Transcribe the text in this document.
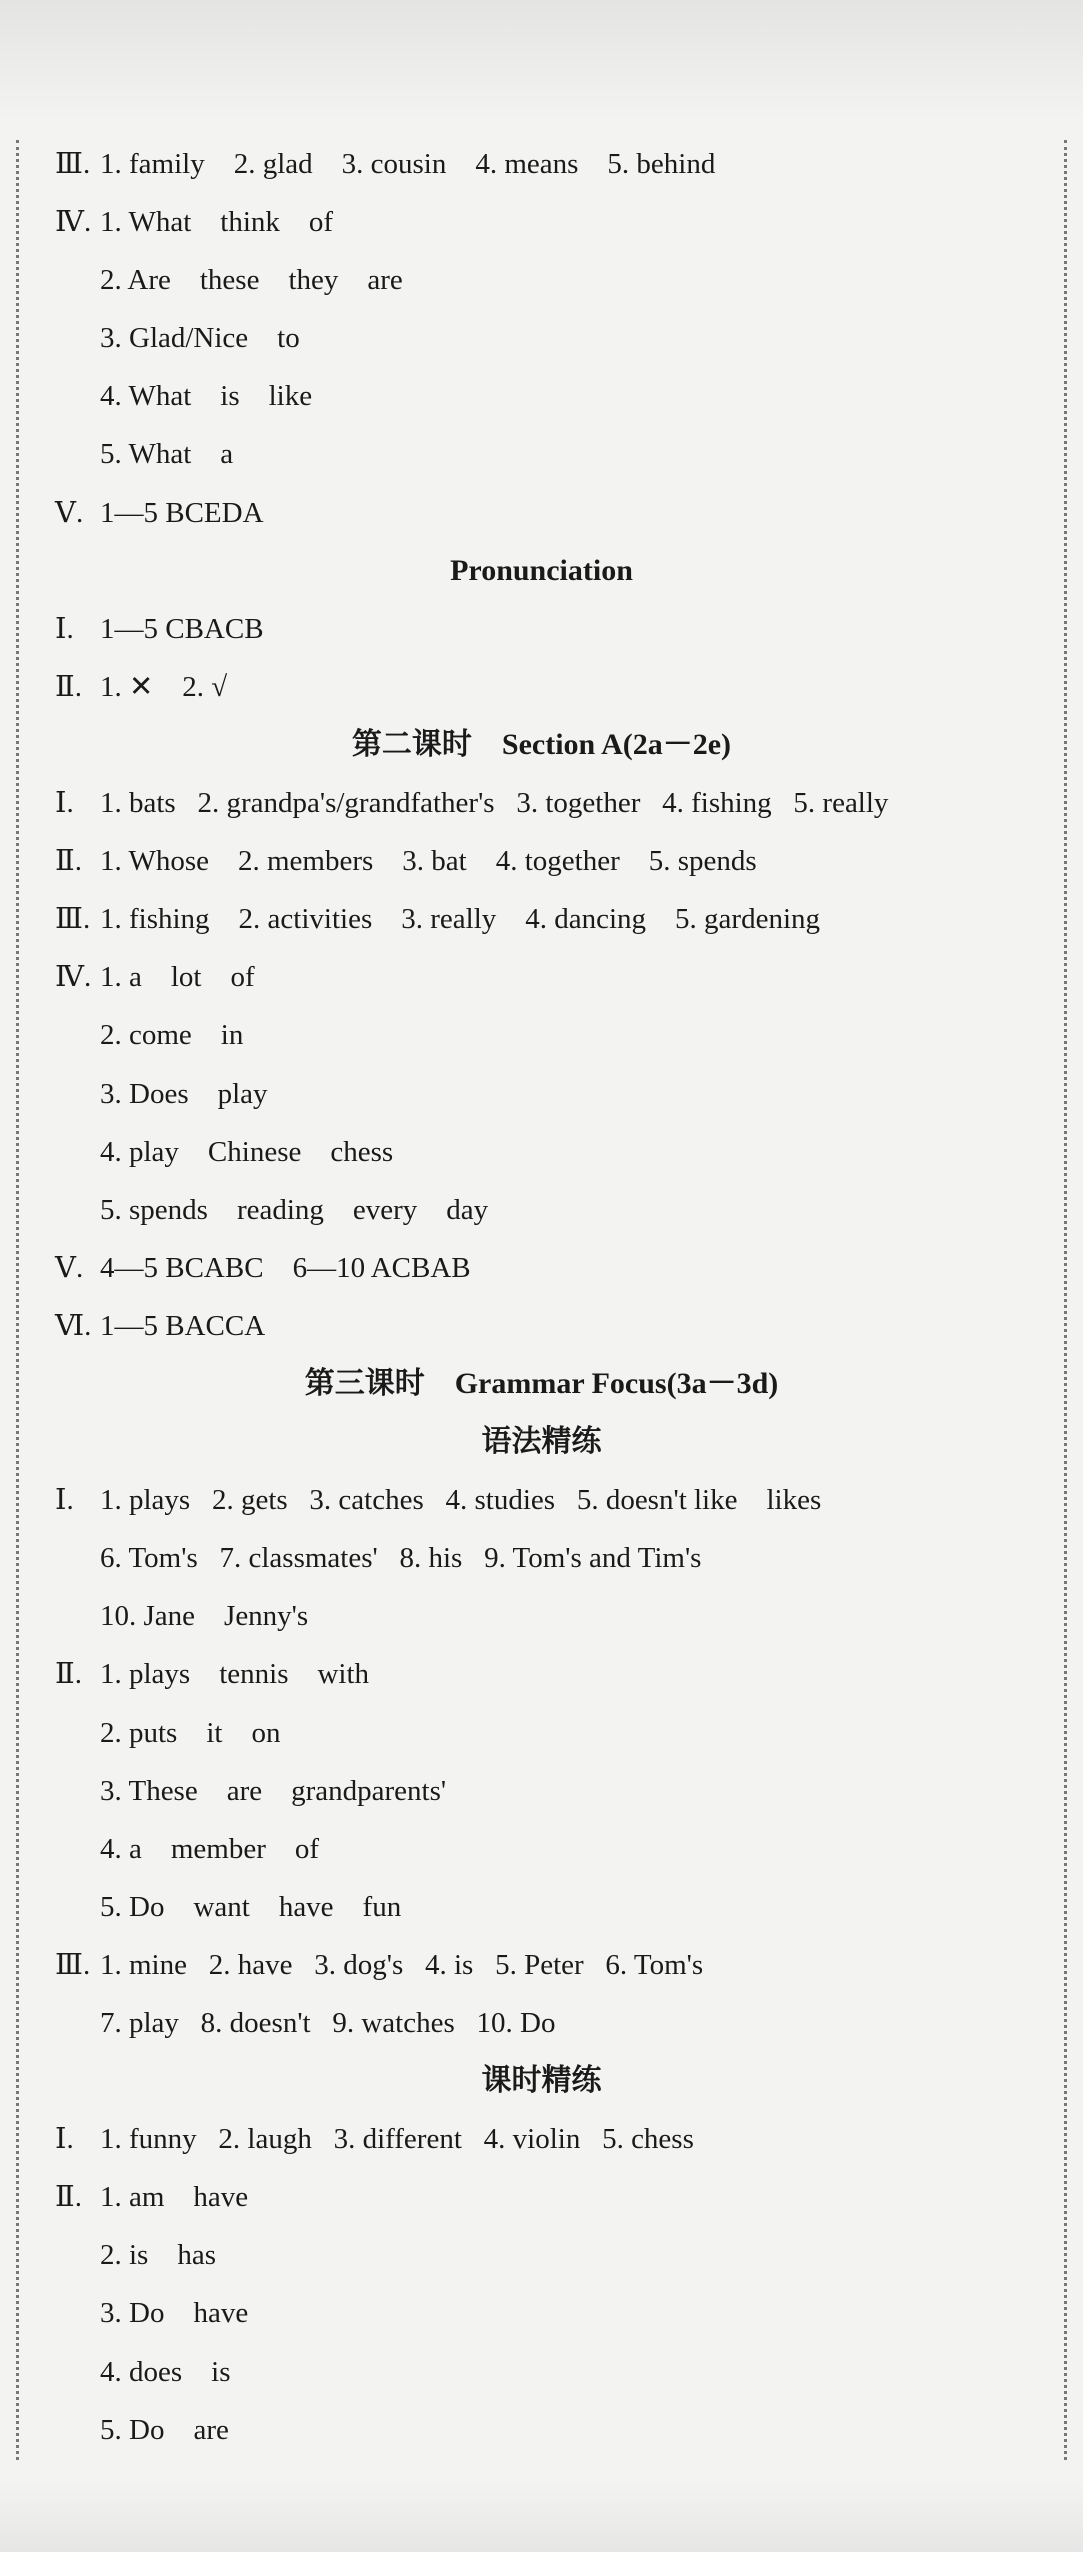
Ⅲ. 1. family    2. glad    3. cousin    4. means    5. behind
Ⅳ. 1. What    think    of
2. Are    these    they    are
3. Glad/Nice    to
4. What    is    like
5. What    a
Ⅴ. 1—5 BCEDA
Pronunciation
Ⅰ. 1—5 CBACB
Ⅱ. 1. ✕    2. √
第二课时    Section A(2a－2e)
Ⅰ. 1. bats   2. grandpa's/grandfather's   3. together   4. fishing   5. really
Ⅱ. 1. Whose    2. members    3. bat    4. together    5. spends
Ⅲ. 1. fishing    2. activities    3. really    4. dancing    5. gardening
Ⅳ. 1. a    lot    of
2. come    in
3. Does    play
4. play    Chinese    chess
5. spends    reading    every    day
Ⅴ. 4—5 BCABC    6—10 ACBAB
Ⅵ. 1—5 BACCA
第三课时    Grammar Focus(3a－3d)
语法精练
Ⅰ. 1. plays   2. gets   3. catches   4. studies   5. doesn't like    likes
6. Tom's   7. classmates'   8. his   9. Tom's and Tim's
10. Jane    Jenny's
Ⅱ. 1. plays    tennis    with
2. puts    it    on
3. These    are    grandparents'
4. a    member    of
5. Do    want    have    fun
Ⅲ. 1. mine   2. have   3. dog's   4. is   5. Peter   6. Tom's
7. play   8. doesn't   9. watches   10. Do
课时精练
Ⅰ. 1. funny   2. laugh   3. different   4. violin   5. chess
Ⅱ. 1. am    have
2. is    has
3. Do    have
4. does    is
5. Do    are
